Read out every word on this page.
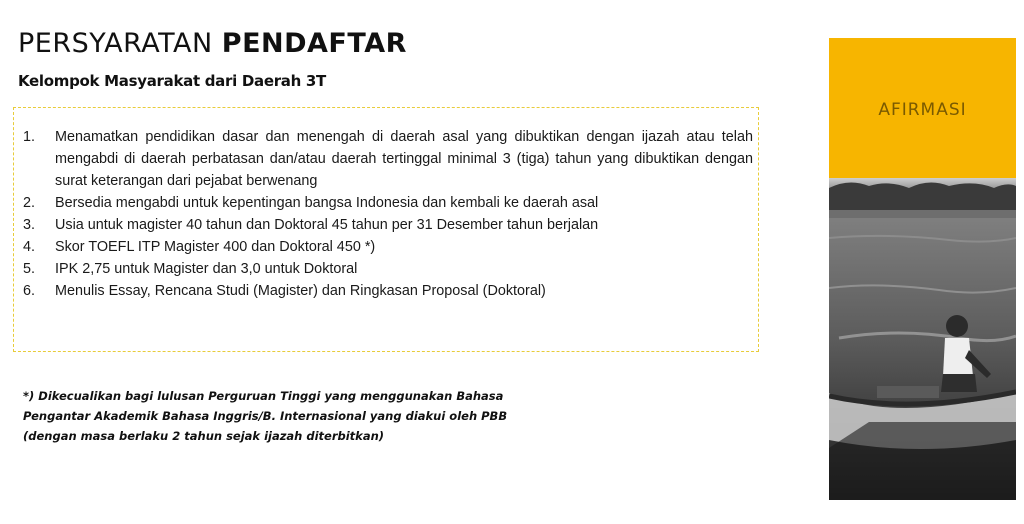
PERSYARATAN PENDAFTAR
Kelompok Masyarakat dari Daerah 3T
1.	Menamatkan pendidikan dasar dan menengah di daerah asal yang dibuktikan dengan ijazah atau telah mengabdi di daerah perbatasan dan/atau daerah tertinggal minimal 3 (tiga) tahun yang dibuktikan dengan surat keterangan dari pejabat berwenang
2.	Bersedia mengabdi untuk kepentingan bangsa Indonesia dan kembali ke daerah asal
3.	Usia untuk magister 40 tahun dan Doktoral 45 tahun per 31 Desember tahun berjalan
4.	Skor TOEFL ITP Magister 400 dan Doktoral 450 *)
5.	IPK 2,75 untuk Magister dan 3,0 untuk Doktoral
6.	Menulis Essay, Rencana Studi (Magister) dan Ringkasan Proposal (Doktoral)
*) Dikecualikan bagi lulusan Perguruan Tinggi yang menggunakan Bahasa
Pengantar Akademik Bahasa Inggris/B. Internasional yang diakui oleh PBB
(dengan masa berlaku 2 tahun sejak ijazah diterbitkan)
AFIRMASI
